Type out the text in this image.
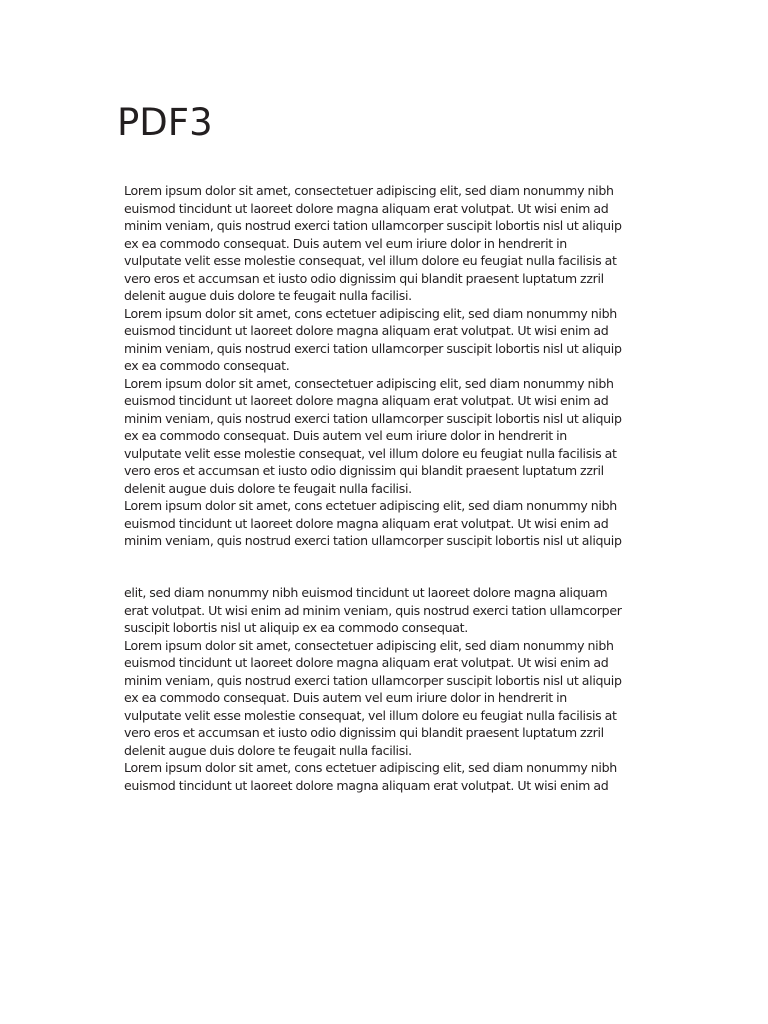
PDF3
Lorem ipsum dolor sit amet, consectetuer adipiscing elit, sed diam nonummy nibh
euismod tincidunt ut laoreet dolore magna aliquam erat volutpat. Ut wisi enim ad
minim veniam, quis nostrud exerci tation ullamcorper suscipit lobortis nisl ut aliquip
ex ea commodo consequat. Duis autem vel eum iriure dolor in hendrerit in
vulputate velit esse molestie consequat, vel illum dolore eu feugiat nulla facilisis at
vero eros et accumsan et iusto odio dignissim qui blandit praesent luptatum zzril
delenit augue duis dolore te feugait nulla facilisi.
Lorem ipsum dolor sit amet, cons ectetuer adipiscing elit, sed diam nonummy nibh
euismod tincidunt ut laoreet dolore magna aliquam erat volutpat. Ut wisi enim ad
minim veniam, quis nostrud exerci tation ullamcorper suscipit lobortis nisl ut aliquip
ex ea commodo consequat.
Lorem ipsum dolor sit amet, consectetuer adipiscing elit, sed diam nonummy nibh
euismod tincidunt ut laoreet dolore magna aliquam erat volutpat. Ut wisi enim ad
minim veniam, quis nostrud exerci tation ullamcorper suscipit lobortis nisl ut aliquip
ex ea commodo consequat. Duis autem vel eum iriure dolor in hendrerit in
vulputate velit esse molestie consequat, vel illum dolore eu feugiat nulla facilisis at
vero eros et accumsan et iusto odio dignissim qui blandit praesent luptatum zzril
delenit augue duis dolore te feugait nulla facilisi.
Lorem ipsum dolor sit amet, cons ectetuer adipiscing elit, sed diam nonummy nibh
euismod tincidunt ut laoreet dolore magna aliquam erat volutpat. Ut wisi enim ad
minim veniam, quis nostrud exerci tation ullamcorper suscipit lobortis nisl ut aliquip
elit, sed diam nonummy nibh euismod tincidunt ut laoreet dolore magna aliquam
erat volutpat. Ut wisi enim ad minim veniam, quis nostrud exerci tation ullamcorper
suscipit lobortis nisl ut aliquip ex ea commodo consequat.
Lorem ipsum dolor sit amet, consectetuer adipiscing elit, sed diam nonummy nibh
euismod tincidunt ut laoreet dolore magna aliquam erat volutpat. Ut wisi enim ad
minim veniam, quis nostrud exerci tation ullamcorper suscipit lobortis nisl ut aliquip
ex ea commodo consequat. Duis autem vel eum iriure dolor in hendrerit in
vulputate velit esse molestie consequat, vel illum dolore eu feugiat nulla facilisis at
vero eros et accumsan et iusto odio dignissim qui blandit praesent luptatum zzril
delenit augue duis dolore te feugait nulla facilisi.
Lorem ipsum dolor sit amet, cons ectetuer adipiscing elit, sed diam nonummy nibh
euismod tincidunt ut laoreet dolore magna aliquam erat volutpat. Ut wisi enim ad
